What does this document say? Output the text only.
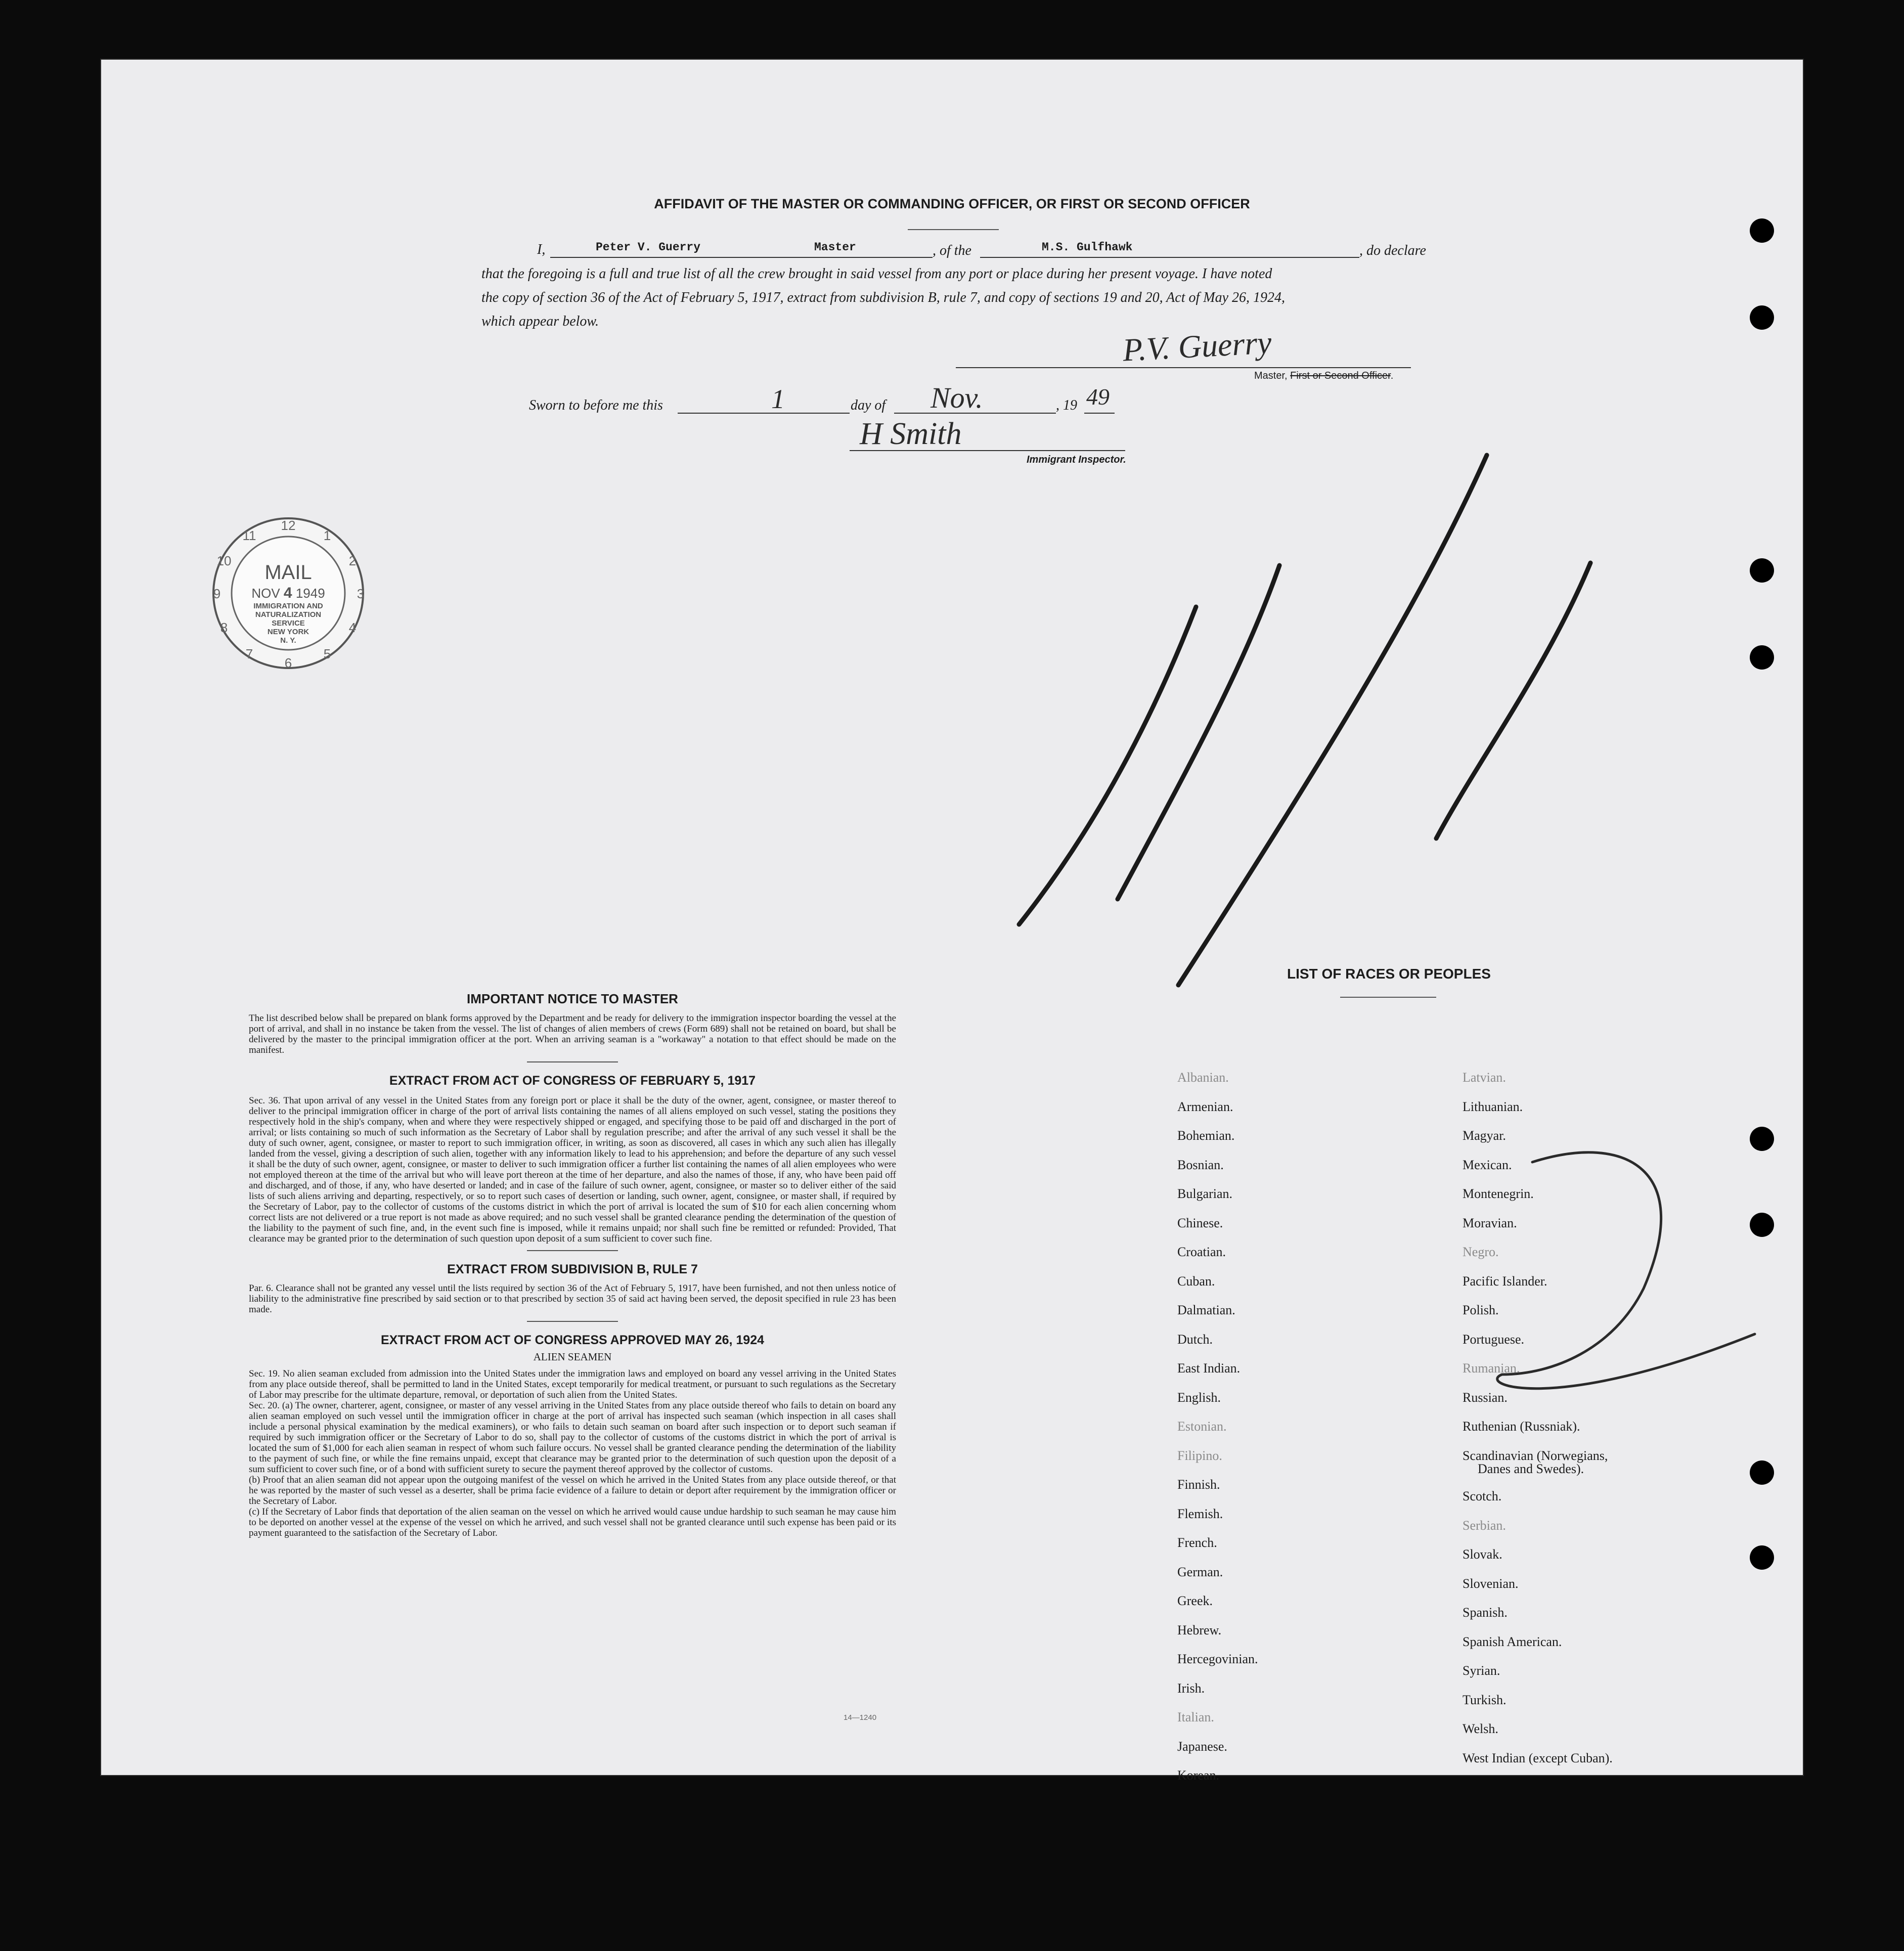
AFFIDAVIT OF THE MASTER OR COMMANDING OFFICER, OR FIRST OR SECOND OFFICER
I,	Peter V. Guerry	Master	, of the	M.S. Gulfhawk	, do declare
that the foregoing is a full and true list of all the crew brought in said vessel from any port or place during her present voyage. I have noted
the copy of section 36 of the Act of February 5, 1917, extract from subdivision B, rule 7, and copy of sections 19 and 20, Act of May 26, 1924,
which appear below.
P.V. Guerry
Master, First or Second Officer.
Sworn to before me this	1	day of Nov.	, 19 49
H Smith
Immigrant Inspector.
12
1
2
3
4
5
6
7
8
9
10
11
MAIL
NOV 4 1949
IMMIGRATION AND
NATURALIZATION
SERVICE
NEW YORK
N. Y.
IMPORTANT NOTICE TO MASTER
The list described below shall be prepared on blank forms approved by the Department and be ready for delivery to the immigration inspector boarding the vessel at the port of arrival, and shall in no instance be taken from the vessel. The list of changes of alien members of crews (Form 689) shall not be retained on board, but shall be delivered by the master to the principal immigration officer at the port. When an arriving seaman is a "workaway" a notation to that effect should be made on the manifest.
EXTRACT FROM ACT OF CONGRESS OF FEBRUARY 5, 1917
Sec. 36. That upon arrival of any vessel in the United States from any foreign port or place it shall be the duty of the owner, agent, consignee, or master thereof to deliver to the principal immigration officer in charge of the port of arrival lists containing the names of all aliens employed on such vessel, stating the positions they respectively hold in the ship's company, when and where they were respectively shipped or engaged, and specifying those to be paid off and discharged in the port of arrival; or lists containing so much of such information as the Secretary of Labor shall by regulation prescribe; and after the arrival of any such vessel it shall be the duty of such owner, agent, consignee, or master to report to such immigration officer, in writing, as soon as discovered, all cases in which any such alien has illegally landed from the vessel, giving a description of such alien, together with any information likely to lead to his apprehension; and before the departure of any such vessel it shall be the duty of such owner, agent, consignee, or master to deliver to such immigration officer a further list containing the names of all alien employees who were not employed thereon at the time of the arrival but who will leave port thereon at the time of her departure, and also the names of those, if any, who have been paid off and discharged, and of those, if any, who have deserted or landed; and in case of the failure of such owner, agent, consignee, or master so to deliver either of the said lists of such aliens arriving and departing, respectively, or so to report such cases of desertion or landing, such owner, agent, consignee, or master shall, if required by the Secretary of Labor, pay to the collector of customs of the customs district in which the port of arrival is located the sum of $10 for each alien concerning whom correct lists are not delivered or a true report is not made as above required; and no such vessel shall be granted clearance pending the determination of the question of the liability to the payment of such fine, and, in the event such fine is imposed, while it remains unpaid; nor shall such fine be remitted or refunded: Provided, That clearance may be granted prior to the determination of such question upon deposit of a sum sufficient to cover such fine.
EXTRACT FROM SUBDIVISION B, RULE 7
Par. 6. Clearance shall not be granted any vessel until the lists required by section 36 of the Act of February 5, 1917, have been furnished, and not then unless notice of liability to the administrative fine prescribed by said section or to that prescribed by section 35 of said act having been served, the deposit specified in rule 23 has been made.
EXTRACT FROM ACT OF CONGRESS APPROVED MAY 26, 1924
ALIEN SEAMEN
Sec. 19. No alien seaman excluded from admission into the United States under the immigration laws and employed on board any vessel arriving in the United States from any place outside thereof, shall be permitted to land in the United States, except temporarily for medical treatment, or pursuant to such regulations as the Secretary of Labor may prescribe for the ultimate departure, removal, or deportation of such alien from the United States.
Sec. 20. (a) The owner, charterer, agent, consignee, or master of any vessel arriving in the United States from any place outside thereof who fails to detain on board any alien seaman employed on such vessel until the immigration officer in charge at the port of arrival has inspected such seaman (which inspection in all cases shall include a personal physical examination by the medical examiners), or who fails to detain such seaman on board after such inspection or to deport such seaman if required by such immigration officer or the Secretary of Labor to do so, shall pay to the collector of customs of the customs district in which the port of arrival is located the sum of $1,000 for each alien seaman in respect of whom such failure occurs. No vessel shall be granted clearance pending the determination of the liability to the payment of such fine, or while the fine remains unpaid, except that clearance may be granted prior to the determination of such question upon the deposit of a sum sufficient to cover such fine, or of a bond with sufficient surety to secure the payment thereof approved by the collector of customs.
(b) Proof that an alien seaman did not appear upon the outgoing manifest of the vessel on which he arrived in the United States from any place outside thereof, or that he was reported by the master of such vessel as a deserter, shall be prima facie evidence of a failure to detain or deport after requirement by the immigration officer or the Secretary of Labor.
(c) If the Secretary of Labor finds that deportation of the alien seaman on the vessel on which he arrived would cause undue hardship to such seaman he may cause him to be deported on another vessel at the expense of the vessel on which he arrived, and such vessel shall not be granted clearance until such expense has been paid or its payment guaranteed to the satisfaction of the Secretary of Labor.
14—1240
LIST OF RACES OR PEOPLES
Albanian.
Armenian.
Bohemian.
Bosnian.
Bulgarian.
Chinese.
Croatian.
Cuban.
Dalmatian.
Dutch.
East Indian.
English.
Estonian.
Filipino.
Finnish.
Flemish.
French.
German.
Greek.
Hebrew.
Hercegovinian.
Irish.
Italian.
Japanese.
Korean.
Latvian.
Lithuanian.
Magyar.
Mexican.
Montenegrin.
Moravian.
Negro.
Pacific Islander.
Polish.
Portuguese.
Rumanian.
Russian.
Ruthenian (Russniak).
Scandinavian (Norwegians,
Danes and Swedes).
Scotch.
Serbian.
Slovak.
Slovenian.
Spanish.
Spanish American.
Syrian.
Turkish.
Welsh.
West Indian (except Cuban).
